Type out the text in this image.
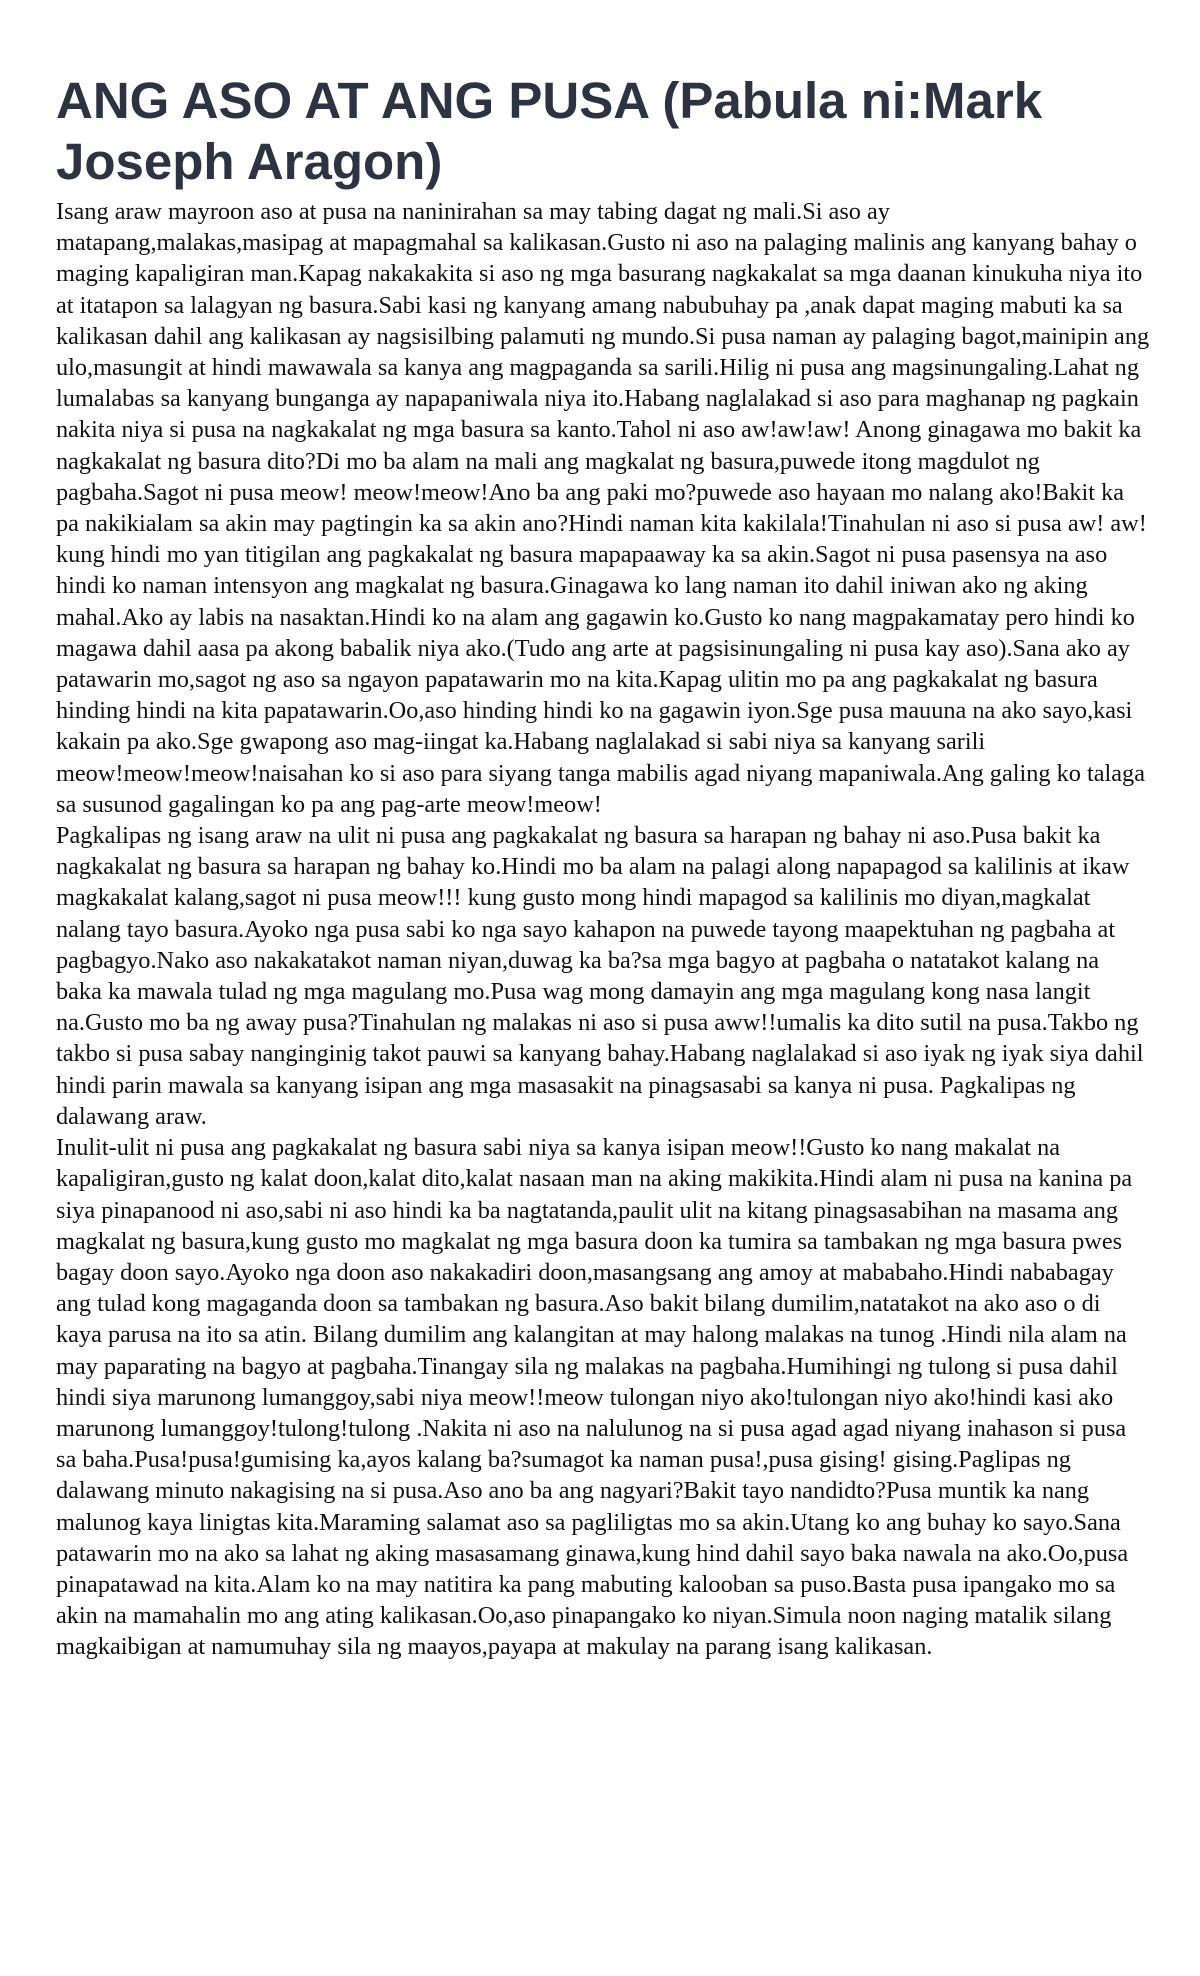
ANG ASO AT ANG PUSA (Pabula ni:Mark Joseph Aragon)

Isang araw mayroon aso at pusa na naninirahan sa may tabing dagat ng mali.Si aso ay matapang,malakas,masipag at mapagmahal sa kalikasan.Gusto ni aso na palaging malinis ang kanyang bahay o maging kapaligiran man.Kapag nakakakita si aso ng mga basurang nagkakalat sa mga daanan kinukuha niya ito at itatapon sa lalagyan ng basura.Sabi kasi ng kanyang amang nabubuhay pa ,anak dapat maging mabuti ka sa kalikasan dahil ang kalikasan ay nagsisilbing palamuti ng mundo.Si pusa naman ay palaging bagot,mainipin ang ulo,masungit at hindi mawawala sa kanya ang magpaganda sa sarili.Hilig ni pusa ang magsinungaling.Lahat ng lumalabas sa kanyang bunganga ay napapaniwala niya ito.Habang naglalakad si aso para maghanap ng pagkain nakita niya si pusa na nagkakalat ng mga basura sa kanto.Tahol ni aso aw!aw!aw! Anong ginagawa mo bakit ka nagkakalat ng basura dito?Di mo ba alam na mali ang magkalat ng basura,puwede itong magdulot ng pagbaha.Sagot ni pusa meow! meow!meow!Ano ba ang paki mo?puwede aso hayaan mo nalang ako!Bakit ka pa nakikialam sa akin may pagtingin ka sa akin ano?Hindi naman kita kakilala!Tinahulan ni aso si pusa aw! aw! kung hindi mo yan titigilan ang pagkakalat ng basura mapapaaway ka sa akin.Sagot ni pusa pasensya na aso hindi ko naman intensyon ang magkalat ng basura.Ginagawa ko lang naman ito dahil iniwan ako ng aking mahal.Ako ay labis na nasaktan.Hindi ko na alam ang gagawin ko.Gusto ko nang magpakamatay pero hindi ko magawa dahil aasa pa akong babalik niya ako.(Tudo ang arte at pagsisinungaling ni pusa kay aso).Sana ako ay patawarin mo,sagot ng aso sa ngayon papatawarin mo na kita.Kapag ulitin mo pa ang pagkakalat ng basura hinding hindi na kita papatawarin.Oo,aso hinding hindi ko na gagawin iyon.Sge pusa mauuna na ako sayo,kasi kakain pa ako.Sge gwapong aso mag-iingat ka.Habang naglalakad si sabi niya sa kanyang sarili meow!meow!meow!naisahan ko si aso para siyang tanga mabilis agad niyang mapaniwala.Ang galing ko talaga sa susunod gagalingan ko pa ang pag-arte meow!meow!

Pagkalipas ng isang araw na ulit ni pusa ang pagkakalat ng basura sa harapan ng bahay ni aso.Pusa bakit ka nagkakalat ng basura sa harapan ng bahay ko.Hindi mo ba alam na palagi along napapagod sa kalilinis at ikaw magkakalat kalang,sagot ni pusa meow!!! kung gusto mong hindi mapagod sa kalilinis mo diyan,magkalat nalang tayo basura.Ayoko nga pusa sabi ko nga sayo kahapon na puwede tayong maapektuhan ng pagbaha at pagbagyo.Nako aso nakakatakot naman niyan,duwag ka ba?sa mga bagyo at pagbaha o natatakot kalang na baka ka mawala tulad ng mga magulang mo.Pusa wag mong damayin ang mga magulang kong nasa langit na.Gusto mo ba ng away pusa?Tinahulan ng malakas ni aso si pusa aww!!umalis ka dito sutil na pusa.Takbo ng takbo si pusa sabay nanginginig takot pauwi sa kanyang bahay.Habang naglalakad si aso iyak ng iyak siya dahil hindi parin mawala sa kanyang isipan ang mga masasakit na pinagsasabi sa kanya ni pusa. Pagkalipas ng dalawang araw.

Inulit-ulit ni pusa ang pagkakalat ng basura sabi niya sa kanya isipan meow!!Gusto ko nang makalat na kapaligiran,gusto ng kalat doon,kalat dito,kalat nasaan man na aking makikita.Hindi alam ni pusa na kanina pa siya pinapanood ni aso,sabi ni aso hindi ka ba nagtatanda,paulit ulit na kitang pinagsasabihan na masama ang magkalat ng basura,kung gusto mo magkalat ng mga basura doon ka tumira sa tambakan ng mga basura pwes bagay doon sayo.Ayoko nga doon aso nakakadiri doon,masangsang ang amoy at mababaho.Hindi nababagay ang tulad kong magaganda doon sa tambakan ng basura.Aso bakit bilang dumilim,natatakot na ako aso o di kaya parusa na ito sa atin. Bilang dumilim ang kalangitan at may halong malakas na tunog .Hindi nila alam na may paparating na bagyo at pagbaha.Tinangay sila ng malakas na pagbaha.Humihingi ng tulong si pusa dahil hindi siya marunong lumanggoy,sabi niya meow!!meow tulongan niyo ako!tulongan niyo ako!hindi kasi ako marunong lumanggoy!tulong!tulong .Nakita ni aso na nalulunog na si pusa agad agad niyang inahason si pusa sa baha.Pusa!pusa!gumising ka,ayos kalang ba?sumagot ka naman pusa!,pusa gising! gising.Paglipas ng dalawang minuto nakagising na si pusa.Aso ano ba ang nagyari?Bakit tayo nandidto?Pusa muntik ka nang malunog kaya linigtas kita.Maraming salamat aso sa pagliligtas mo sa akin.Utang ko ang buhay ko sayo.Sana patawarin mo na ako sa lahat ng aking masasamang ginawa,kung hind dahil sayo baka nawala na ako.Oo,pusa pinapatawad na kita.Alam ko na may natitira ka pang mabuting kalooban sa puso.Basta pusa ipangako mo sa akin na mamahalin mo ang ating kalikasan.Oo,aso pinapangako ko niyan.Simula noon naging matalik silang magkaibigan at namumuhay sila ng maayos,payapa at makulay na parang isang kalikasan.
